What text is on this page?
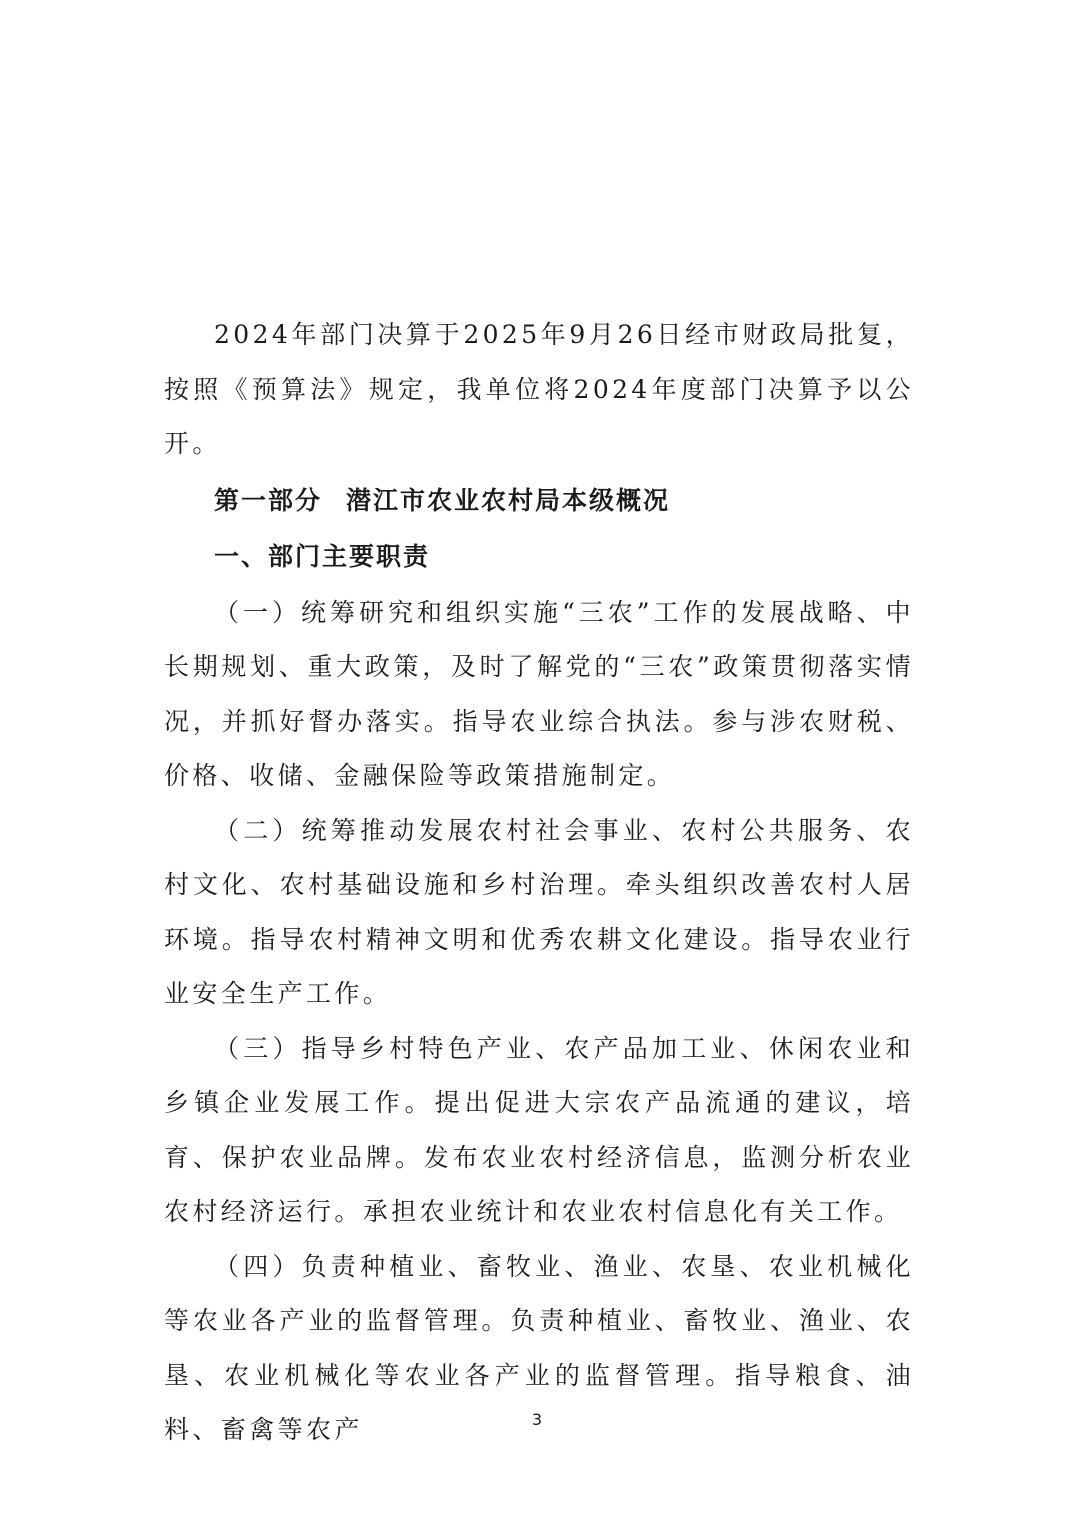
2024年部门决算于2025年9月26日经市财政局批复，按照《预算法》规定，我单位将2024年度部门决算予以公开。

第一部分 潜江市农业农村局本级概况
一、部门主要职责

（一）统筹研究和组织实施“三农”工作的发展战略、中长期规划、重大政策，及时了解党的“三农”政策贯彻落实情况，并抓好督办落实。指导农业综合执法。参与涉农财税、价格、收储、金融保险等政策措施制定。

（二）统筹推动发展农村社会事业、农村公共服务、农村文化、农村基础设施和乡村治理。牵头组织改善农村人居环境。指导农村精神文明和优秀农耕文化建设。指导农业行业安全生产工作。

（三）指导乡村特色产业、农产品加工业、休闲农业和乡镇企业发展工作。提出促进大宗农产品流通的建议，培育、保护农业品牌。发布农业农村经济信息，监测分析农业农村经济运行。承担农业统计和农业农村信息化有关工作。

（四）负责种植业、畜牧业、渔业、农垦、农业机械化等农业各产业的监督管理。负责种植业、畜牧业、渔业、农垦、农业机械化等农业各产业的监督管理。指导粮食、油料、畜禽等农产	3
